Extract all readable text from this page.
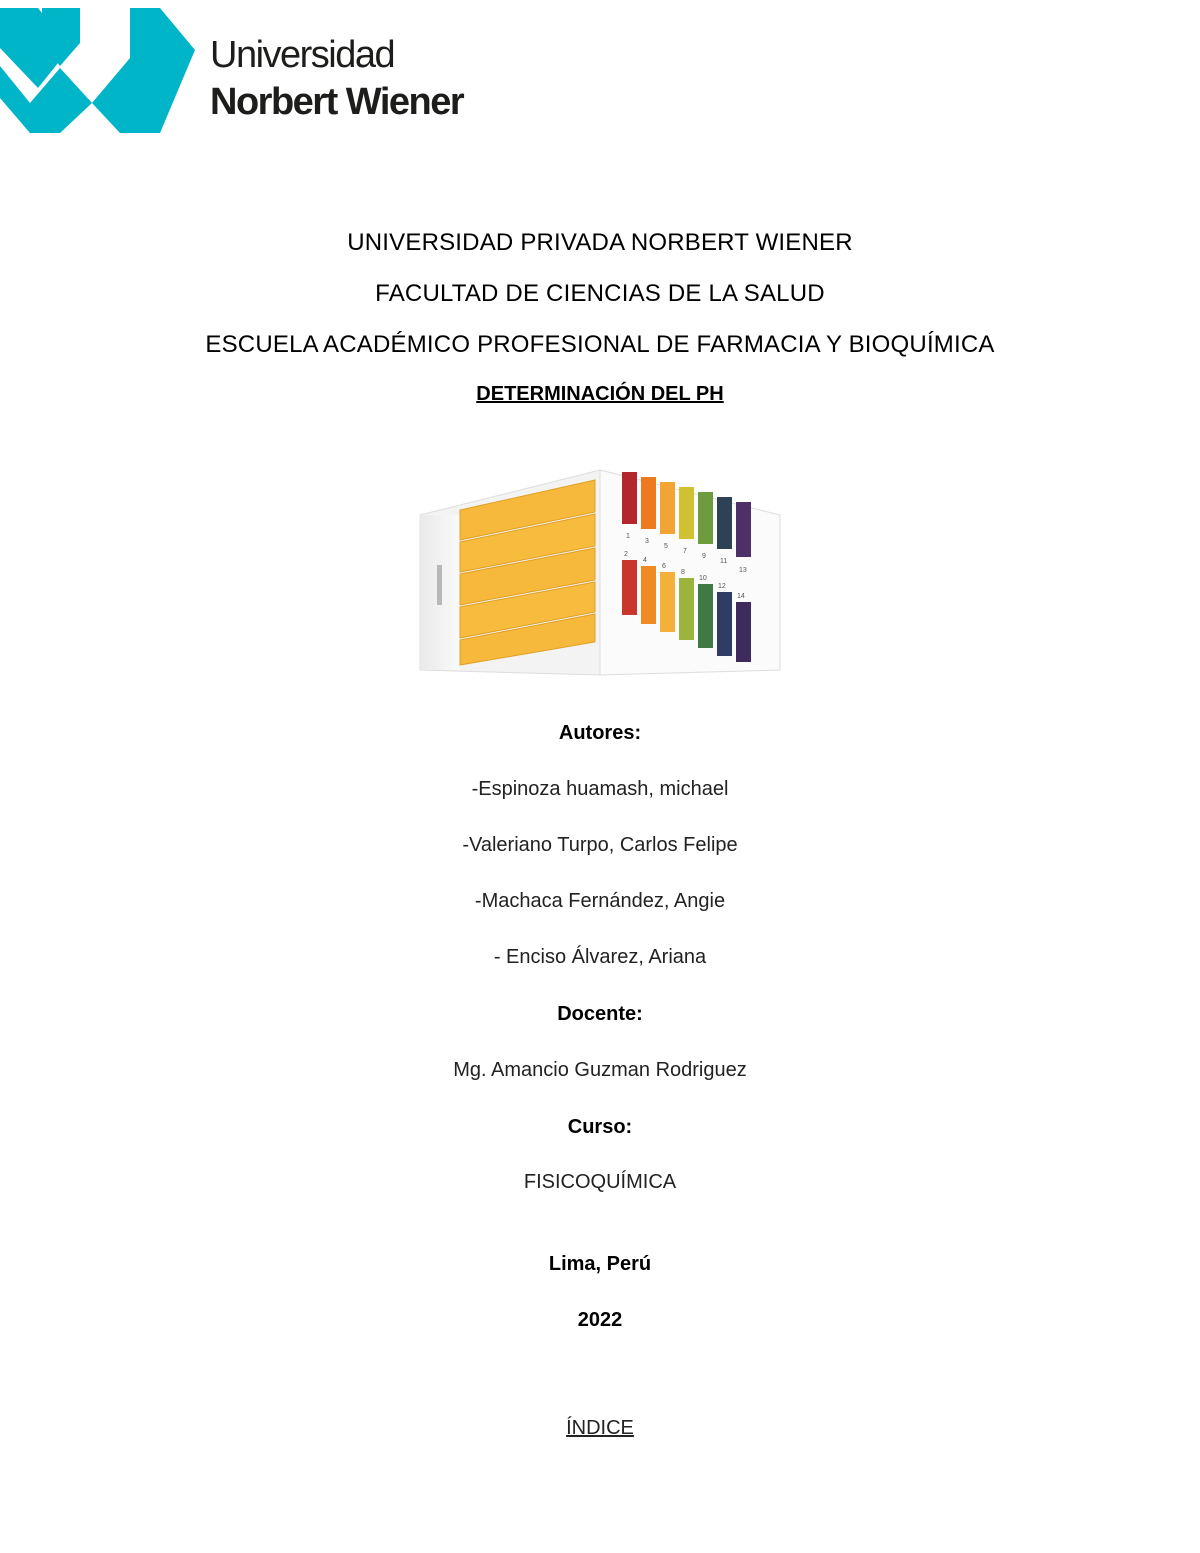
Universidad
Norbert Wiener
UNIVERSIDAD PRIVADA NORBERT WIENER
FACULTAD DE CIENCIAS DE LA SALUD
ESCUELA ACADÉMICO PROFESIONAL DE FARMACIA Y BIOQUÍMICA
DETERMINACIÓN DEL PH
1
3
5
7
9
11
13
2
4
6
8
10
12
14
Autores:
-Espinoza huamash, michael
-Valeriano Turpo, Carlos Felipe
-Machaca Fernández, Angie
- Enciso Álvarez, Ariana
Docente:
Mg. Amancio Guzman Rodriguez
Curso:
FISICOQUÍMICA
Lima, Perú
2022
ÍNDICE
